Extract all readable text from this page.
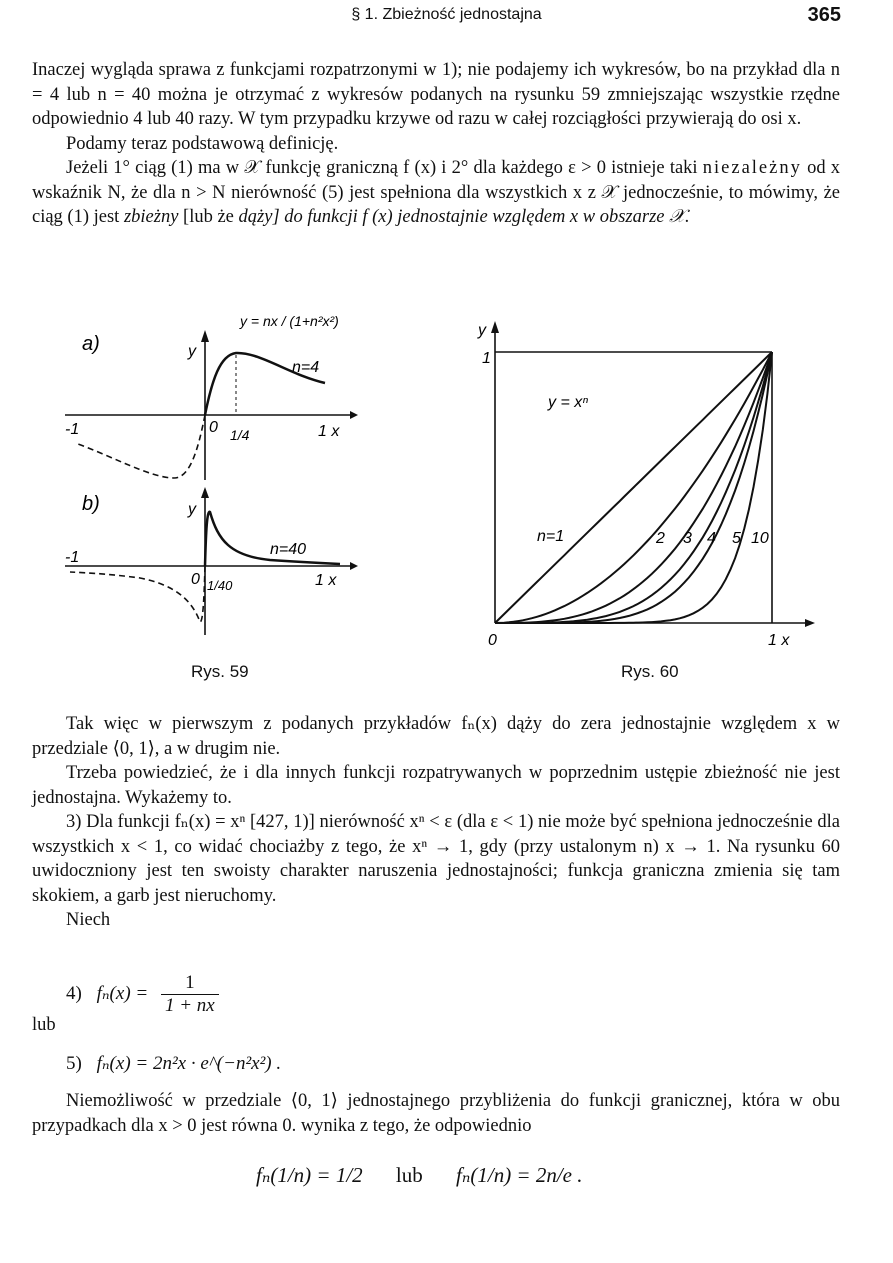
§ 1. Zbieżność jednostajna	365

Inaczej wygląda sprawa z funkcjami rozpatrzonymi w 1); nie podajemy ich wykresów, bo na przykład dla n = 4 lub n = 40 można je otrzymać z wykresów podanych na rysunku 59 zmniejszając wszystkie rzędne odpowiednio 4 lub 40 razy. W tym przypadku krzywe od razu w całej rozciągłości przywierają do osi x.

Podamy teraz podstawową definicję.

Jeżeli 1° ciąg (1) ma w 𝒳 funkcję graniczną f (x) i 2° dla każdego ε > 0 istnieje taki niezależny od x wskaźnik N, że dla n > N nierówność (5) jest spełniona dla wszystkich x z 𝒳 jednocześnie, to mówimy, że ciąg (1) jest zbieżny [lub że dąży] do funkcji f (x) jednostajnie względem x w obszarze 𝒳.

a)
y = nx / (1+n²x²)
y
n=4
-1	0	1 x
1/4
b)	y
n=40
-1
0	1 x
1/40
Rys. 59
y
1
0	1 x
y = xⁿ
n=1	2 3 4 5 10
Rys. 60

Tak więc w pierwszym z podanych przykładów fₙ(x) dąży do zera jednostajnie względem x w przedziale ⟨0, 1⟩, a w drugim nie.

Trzeba powiedzieć, że i dla innych funkcji rozpatrywanych w poprzednim ustępie zbieżność nie jest jednostajna. Wykażemy to.

3) Dla funkcji fₙ(x) = xⁿ [427, 1)] nierówność xⁿ < ε (dla ε < 1) nie może być spełniona jednocześnie dla wszystkich x < 1, co widać chociażby z tego, że xⁿ → 1, gdy (przy ustalonym n) x → 1. Na rysunku 60 uwidoczniony jest ten swoisty charakter naruszenia jednostajności; funkcja graniczna zmienia się tam skokiem, a garb jest nieruchomy.

Niech

4) $f_n(x) = \frac{1}{1 + nx}$
lub
5) fₙ(x) = 2n²x · e^(−n²x²) .

Niemożliwość w przedziale ⟨0, 1⟩ jednostajnego przybliżenia do funkcji granicznej, która w obu przypadkach dla x > 0 jest równa 0. wynika z tego, że odpowiednio

fₙ(1/n) = 1/2 lub fₙ(1/n) = 2n/e .
